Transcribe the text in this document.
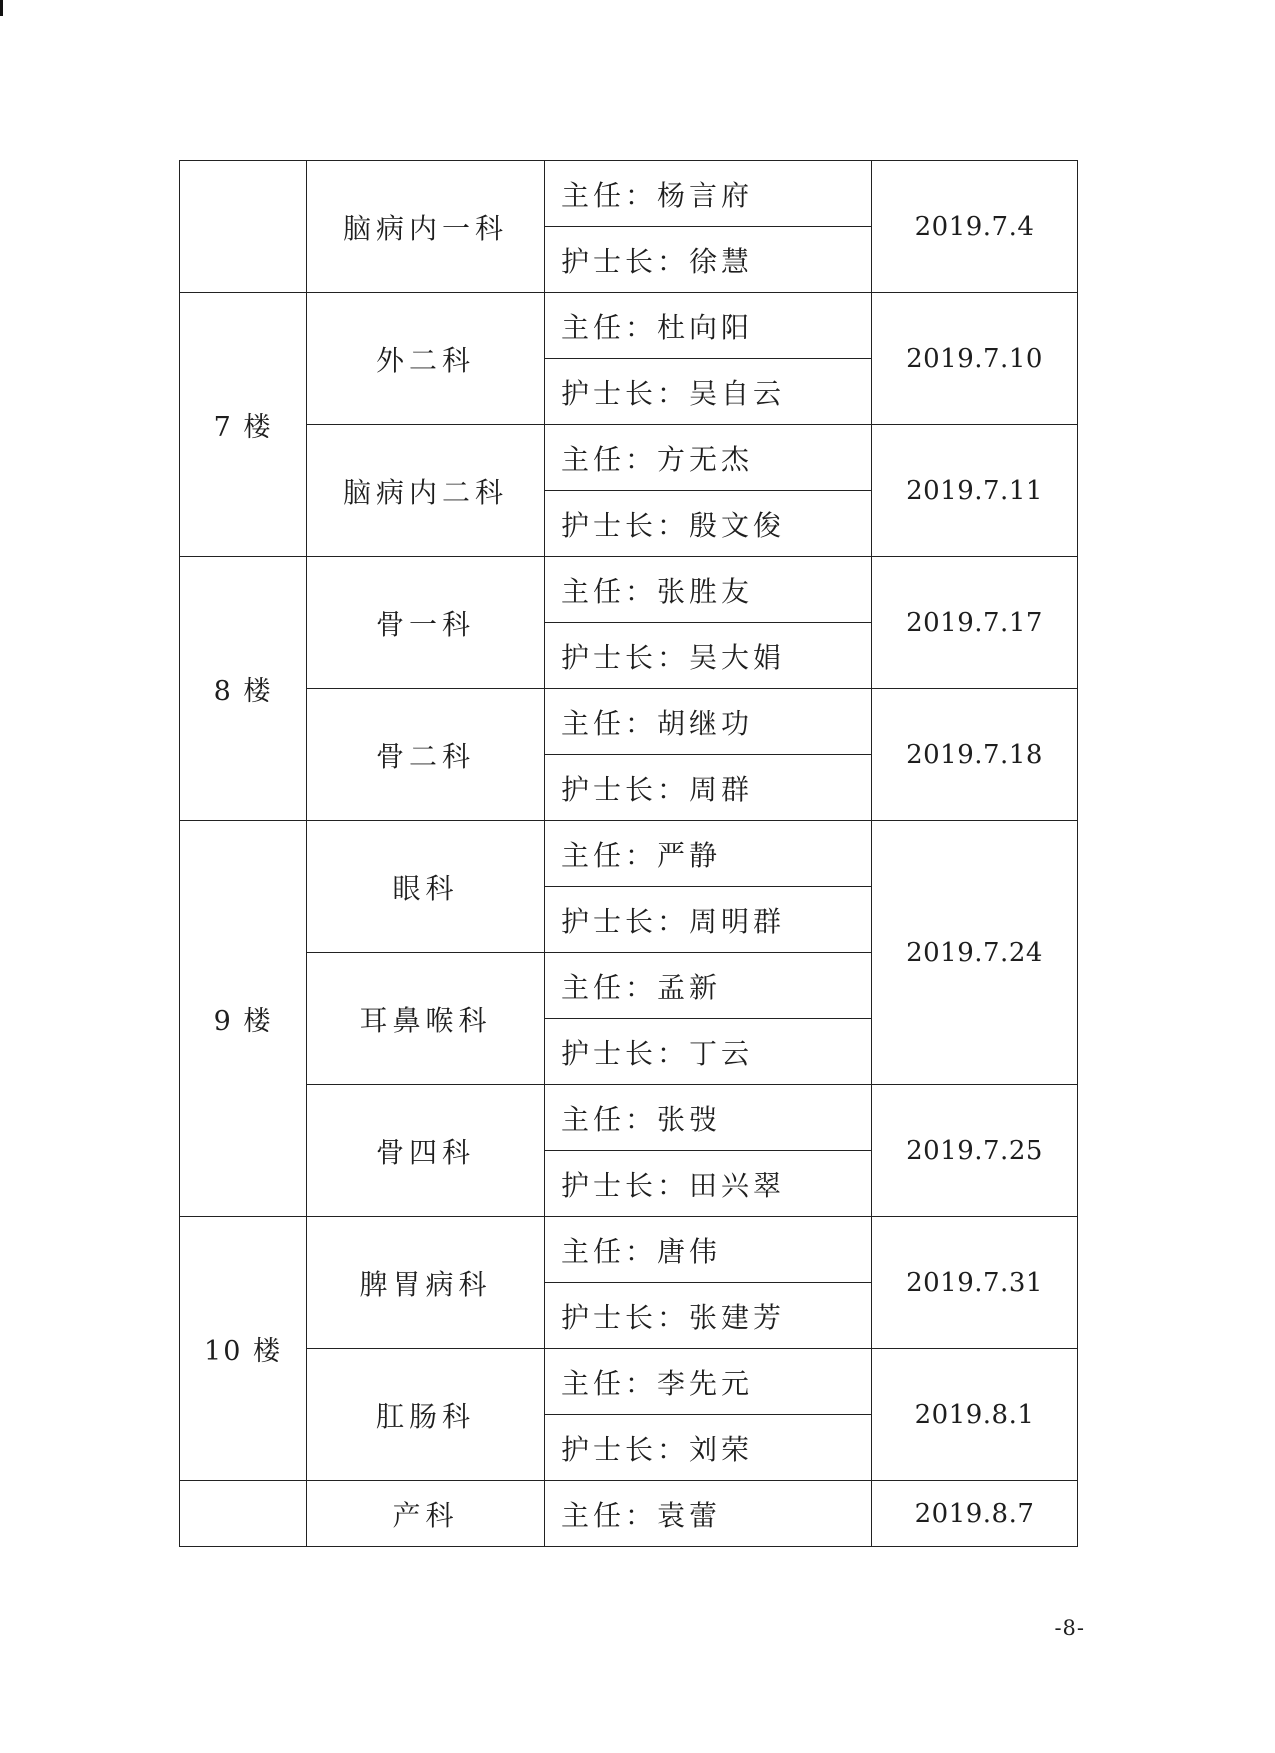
	脑病内一科	主任：杨言府	2019.7.4
		护士长：徐慧	
7 楼	外二科	主任：杜向阳	2019.7.10
		护士长：吴自云	
	脑病内二科	主任：方无杰	2019.7.11
		护士长：殷文俊	
8 楼	骨一科	主任：张胜友	2019.7.17
		护士长：吴大娟	
	骨二科	主任：胡继功	2019.7.18
		护士长：周群	
9 楼	眼科	主任：严静	2019.7.24
		护士长：周明群	
	耳鼻喉科	主任：孟新	
		护士长：丁云	
	骨四科	主任：张弢	2019.7.25
		护士长：田兴翠	
10 楼	脾胃病科	主任：唐伟	2019.7.31
		护士长：张建芳	
	肛肠科	主任：李先元	2019.8.1
		护士长：刘荣	
	产科	主任：袁蕾	2019.8.7
-8-
